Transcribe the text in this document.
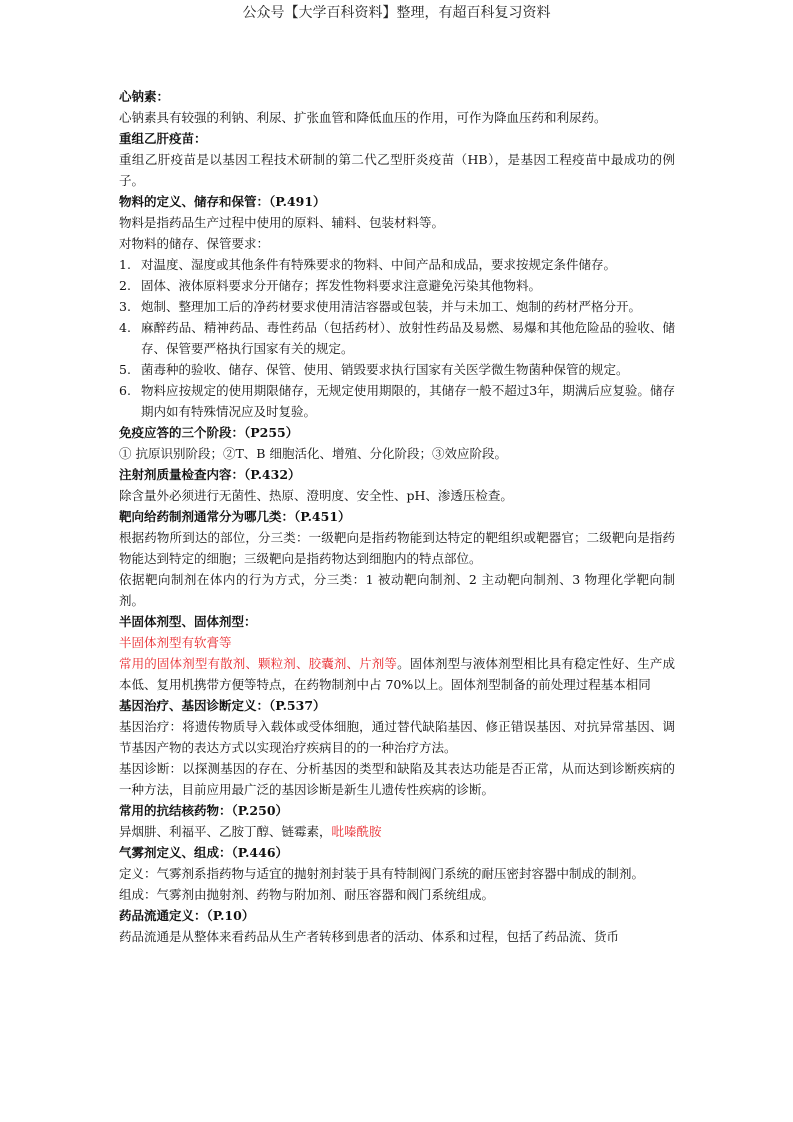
公众号【大学百科资料】整理，有超百科复习资料

心钠素：

心钠素具有较强的利钠、利尿、扩张血管和降低血压的作用，可作为降血压药和利尿药。

重组乙肝疫苗：

重组乙肝疫苗是以基因工程技术研制的第二代乙型肝炎疫苗（HB），是基因工程疫苗中最成功的例子。

物料的定义、储存和保管：（P.491）

物料是指药品生产过程中使用的原料、辅料、包装材料等。

对物料的储存、保管要求：

1. 对温度、湿度或其他条件有特殊要求的物料、中间产品和成品，要求按规定条件储存。
2. 固体、液体原料要求分开储存；挥发性物料要求注意避免污染其他物料。
3. 炮制、整理加工后的净药材要求使用清洁容器或包装，并与未加工、炮制的药材严格分开。
4. 麻醉药品、精神药品、毒性药品（包括药材）、放射性药品及易燃、易爆和其他危险品的验收、储存、保管要严格执行国家有关的规定。
5. 菌毒种的验收、储存、保管、使用、销毁要求执行国家有关医学微生物菌种保管的规定。
6. 物料应按规定的使用期限储存，无规定使用期限的，其储存一般不超过3年，期满后应复验。储存期内如有特殊情况应及时复验。

免疫应答的三个阶段：（P255）

① 抗原识别阶段；②T、B 细胞活化、增殖、分化阶段；③效应阶段。

注射剂质量检查内容：（P.432）

除含量外必须进行无菌性、热原、澄明度、安全性、pH、渗透压检查。

靶向给药制剂通常分为哪几类：（P.451）

根据药物所到达的部位，分三类：一级靶向是指药物能到达特定的靶组织或靶器官；二级靶向是指药物能达到特定的细胞；三级靶向是指药物达到细胞内的特点部位。

依据靶向制剂在体内的行为方式，分三类：1 被动靶向制剂、2 主动靶向制剂、3 物理化学靶向制剂。

半固体剂型、固体剂型：

半固体剂型有软膏等

常用的固体剂型有散剂、颗粒剂、胶囊剂、片剂等。固体剂型与液体剂型相比具有稳定性好、生产成本低、复用机携带方便等特点，在药物制剂中占 70%以上。固体剂型制备的前处理过程基本相同

基因治疗、基因诊断定义：（P.537）

基因治疗：将遗传物质导入载体或受体细胞，通过替代缺陷基因、修正错误基因、对抗异常基因、调节基因产物的表达方式以实现治疗疾病目的的一种治疗方法。

基因诊断：以探测基因的存在、分析基因的类型和缺陷及其表达功能是否正常，从而达到诊断疾病的一种方法，目前应用最广泛的基因诊断是新生儿遗传性疾病的诊断。

常用的抗结核药物：（P.250）

异烟肼、利福平、乙胺丁醇、链霉素，吡嗪酰胺

气雾剂定义、组成：（P.446）

定义：气雾剂系指药物与适宜的抛射剂封装于具有特制阀门系统的耐压密封容器中制成的制剂。

组成：气雾剂由抛射剂、药物与附加剂、耐压容器和阀门系统组成。

药品流通定义：（P.10）

药品流通是从整体来看药品从生产者转移到患者的活动、体系和过程，包括了药品流、货币
